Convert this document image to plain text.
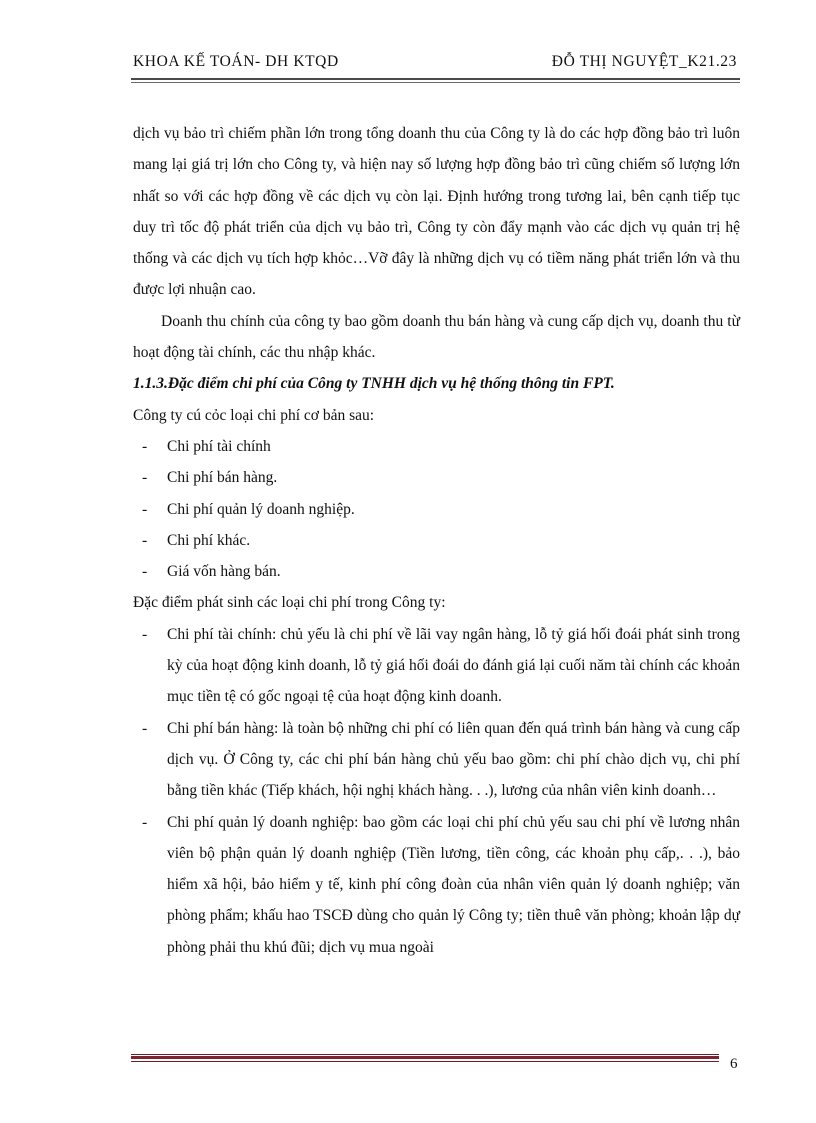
KHOA KẾ TOÁN- DH KTQD	ĐỖ THỊ NGUYỆT_K21.23

dịch vụ bảo trì chiếm phần lớn trong tổng doanh thu của Công ty là do các hợp đồng bảo trì luôn mang lại giá trị lớn cho Công ty, và hiện nay số lượng hợp đồng bảo trì cũng chiếm số lượng lớn nhất so với các hợp đồng về các dịch vụ còn lại. Định hướng trong tương lai, bên cạnh tiếp tục duy trì tốc độ phát triển của dịch vụ bảo trì, Công ty còn đẩy mạnh vào các dịch vụ quản trị hệ thống và các dịch vụ tích hợp khỏc…Vỡ đây là những dịch vụ có tiềm năng phát triển lớn và thu được lợi nhuận cao.

Doanh thu chính của công ty bao gồm doanh thu bán hàng và cung cấp dịch vụ, doanh thu từ hoạt động tài chính, các thu nhập khác.

1.1.3.Đặc điểm chi phí của Công ty TNHH dịch vụ hệ thống thông tin FPT.

Công ty cú cỏc loại chi phí cơ bản sau:

- Chi phí tài chính
- Chi phí bán hàng.
- Chi phí quản lý doanh nghiệp.
- Chi phí khác.
- Giá vốn hàng bán.

Đặc điểm phát sinh các loại chi phí trong Công ty:

- Chi phí tài chính: chủ yếu là chi phí về lãi vay ngân hàng, lỗ tỷ giá hối đoái phát sinh trong kỳ của hoạt động kinh doanh, lỗ tỷ giá hối đoái do đánh giá lại cuối năm tài chính các khoản mục tiền tệ có gốc ngoại tệ của hoạt động kinh doanh.
- Chi phí bán hàng: là toàn bộ những chi phí có liên quan đến quá trình bán hàng và cung cấp dịch vụ. Ở Công ty, các chi phí bán hàng chủ yếu bao gồm: chi phí chào dịch vụ, chi phí bằng tiền khác (Tiếp khách, hội nghị khách hàng. . .), lương của nhân viên kinh doanh…
- Chi phí quản lý doanh nghiệp: bao gồm các loại chi phí chủ yếu sau chi phí về lương nhân viên bộ phận quản lý doanh nghiệp (Tiền lương, tiền công, các khoản phụ cấp,. . .), bảo hiểm xã hội, bảo hiểm y tế, kinh phí công đoàn của nhân viên quản lý doanh nghiệp; văn phòng phẩm; khấu hao TSCĐ dùng cho quản lý Công ty; tiền thuê văn phòng; khoản lập dự phòng phải thu khú đũi; dịch vụ mua ngoài
6
